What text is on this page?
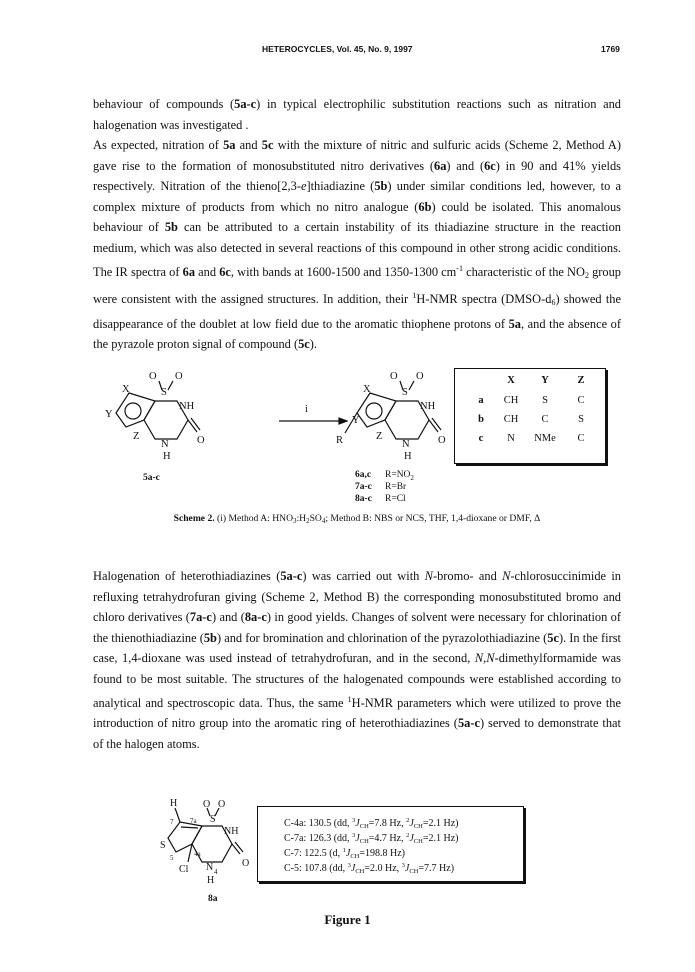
HETEROCYCLES, Vol. 45, No. 9, 1997	1769

behaviour of compounds (5a-c) in typical electrophilic substitution reactions such as nitration and halogenation was investigated .

As expected, nitration of 5a and 5c with the mixture of nitric and sulfuric acids (Scheme 2, Method A) gave rise to the formation of monosubstituted nitro derivatives (6a) and (6c) in 90 and 41% yields respectively. Nitration of the thieno[2,3-e]thiadiazine (5b) under similar conditions led, however, to a complex mixture of products from which no nitro analogue (6b) could be isolated. This anomalous behaviour of 5b can be attributed to a certain instability of its thiadiazine structure in the reaction medium, which was also detected in several reactions of this compound in other strong acidic conditions. The IR spectra of 6a and 6c, with bands at 1600-1500 and 1350-1300 $cm^{-1}$ characteristic of the $NO_2$ group were consistent with the assigned structures. In addition, their $^1$H-NMR spectra $(DMSO-d_6)$ showed the disappearance of the doublet at low field due to the aromatic thiophene protons of 5a, and the absence of the pyrazole proton signal of compound (5c).

O
S
O
NH
O
N
H
X
Y
Z
i
O
S
O
NH
O
N
H
X
Y
Z
R
5a-c	6a,c $R=NO_2$
7a-c R=Br
8a-c R=Cl
X	Y	Z
a	CH	S	C
b	CH	C	S
c	N	NMe	C
Scheme 2. (i) Method A: $HNO_3:H_2SO_4$; Method B: NBS or NCS, THF, 1,4-dioxane or DMF, Δ

Halogenation of heterothiadiazines (5a-c) was carried out with N-bromo- and N-chlorosuccinimide in refluxing tetrahydrofuran giving (Scheme 2, Method B) the corresponding monosubstituted bromo and chloro derivatives (7a-c) and (8a-c) in good yields. Changes of solvent were necessary for chlorination of the thienothiadiazine (5b) and for bromination and chlorination of the pyrazolothiadiazine (5c). In the first case, 1,4-dioxane was used instead of tetrahydrofuran, and in the second, N,N-dimethylformamide was found to be most suitable. The structures of the halogenated compounds were established according to analytical and spectroscopic data. Thus, the same $^1$H-NMR parameters which were utilized to prove the introduction of nitro group into the aromatic ring of heterothiadiazines (5a-c) served to demonstrate that of the halogen atoms.

H	O
S
O
NH
O
S
N
H
Cl
7 7a
5	4a
4
8a
C-4a: 130.5 (dd, $^3J_{CH}=7.8$ Hz, $^2J_{CH}=2.1$ Hz)
C-7a: 126.3 (dd, $^3J_{CH}=4.7$ Hz, $^2J_{CH}=2.1$ Hz)
C-7: 122.5 (d, $^1J_{CH}=198.8$ Hz)
C-5: 107.8 (dd, $^3J_{CH}=2.0$ Hz, $^3J_{CH}=7.7$ Hz)
Figure 1
